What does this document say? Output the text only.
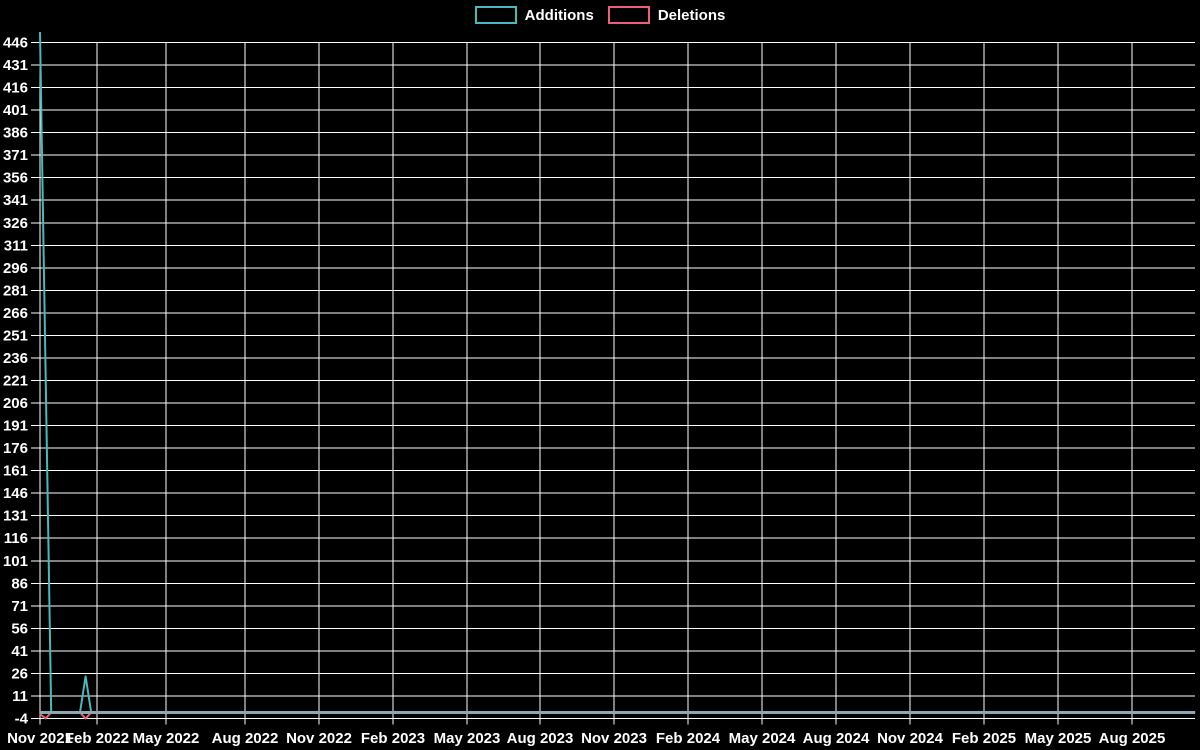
Additions	Deletions
446
431
416
401
386
371
356
341
326
311
296
281
266
251
236
221
206
191
176
161
146
131
116
101
86
71
56
41
26
11
-4
Nov 2021
Feb 2022 May 2022 Aug 2022 Nov 2022 Feb 2023 May 2023 Aug 2023 Nov 2023 Feb 2024 May 2024 Aug 2024 Nov 2024 Feb 2025 May 2025 Aug 2025
